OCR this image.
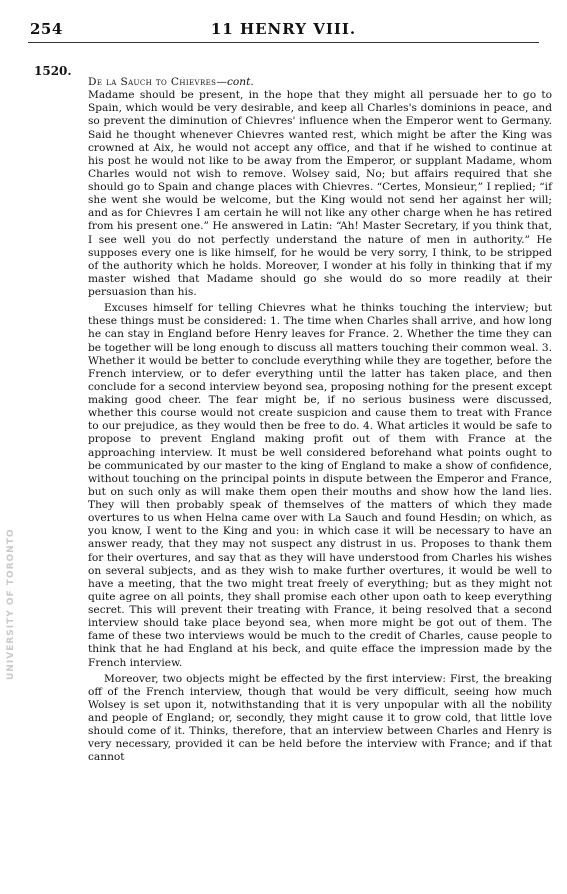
254	11 HENRY VIII.
1520.

De la Sauch to Chievres—cont.

Madame should be present, in the hope that they might all persuade her to go to Spain, which would be very desirable, and keep all Charles's dominions in peace, and so prevent the diminution of Chievres' influence when the Emperor went to Germany. Said he thought whenever Chievres wanted rest, which might be after the King was crowned at Aix, he would not accept any office, and that if he wished to continue at his post he would not like to be away from the Emperor, or supplant Madame, whom Charles would not wish to remove. Wolsey said, No; but affairs required that she should go to Spain and change places with Chievres. “Certes, Monsieur,” I replied; “if she went she would be welcome, but the King would not send her against her will; and as for Chievres I am certain he will not like any other charge when he has retired from his present one.” He answered in Latin: “Ah! Master Secretary, if you think that, I see well you do not perfectly understand the nature of men in authority.” He supposes every one is like himself, for he would be very sorry, I think, to be stripped of the authority which he holds. Moreover, I wonder at his folly in thinking that if my master wished that Madame should go she would do so more readily at their persuasion than his.

Excuses himself for telling Chievres what he thinks touching the interview; but these things must be considered: 1. The time when Charles shall arrive, and how long he can stay in England before Henry leaves for France. 2. Whether the time they can be together will be long enough to discuss all matters touching their common weal. 3. Whether it would be better to conclude everything while they are together, before the French interview, or to defer everything until the latter has taken place, and then conclude for a second interview beyond sea, proposing nothing for the present except making good cheer. The fear might be, if no serious business were discussed, whether this course would not create suspicion and cause them to treat with France to our prejudice, as they would then be free to do. 4. What articles it would be safe to propose to prevent England making profit out of them with France at the approaching interview. It must be well considered beforehand what points ought to be communicated by our master to the king of England to make a show of confidence, without touching on the principal points in dispute between the Emperor and France, but on such only as will make them open their mouths and show how the land lies. They will then probably speak of themselves of the matters of which they made overtures to us when Helna came over with La Sauch and found Hesdin; on which, as you know, I went to the King and you: in which case it will be necessary to have an answer ready, that they may not suspect any distrust in us. Proposes to thank them for their overtures, and say that as they will have understood from Charles his wishes on several subjects, and as they wish to make further overtures, it would be well to have a meeting, that the two might treat freely of everything; but as they might not quite agree on all points, they shall promise each other upon oath to keep everything secret. This will prevent their treating with France, it being resolved that a second interview should take place beyond sea, when more might be got out of them. The fame of these two interviews would be much to the credit of Charles, cause people to think that he had England at his beck, and quite efface the impression made by the French interview.

Moreover, two objects might be effected by the first interview: First, the breaking off of the French interview, though that would be very difficult, seeing how much Wolsey is set upon it, notwithstanding that it is very unpopular with all the nobility and people of England; or, secondly, they might cause it to grow cold, that little love should come of it. Thinks, therefore, that an interview between Charles and Henry is very necessary, provided it can be held before the interview with France; and if that cannot

UNIVERSITY OF TORONTO
